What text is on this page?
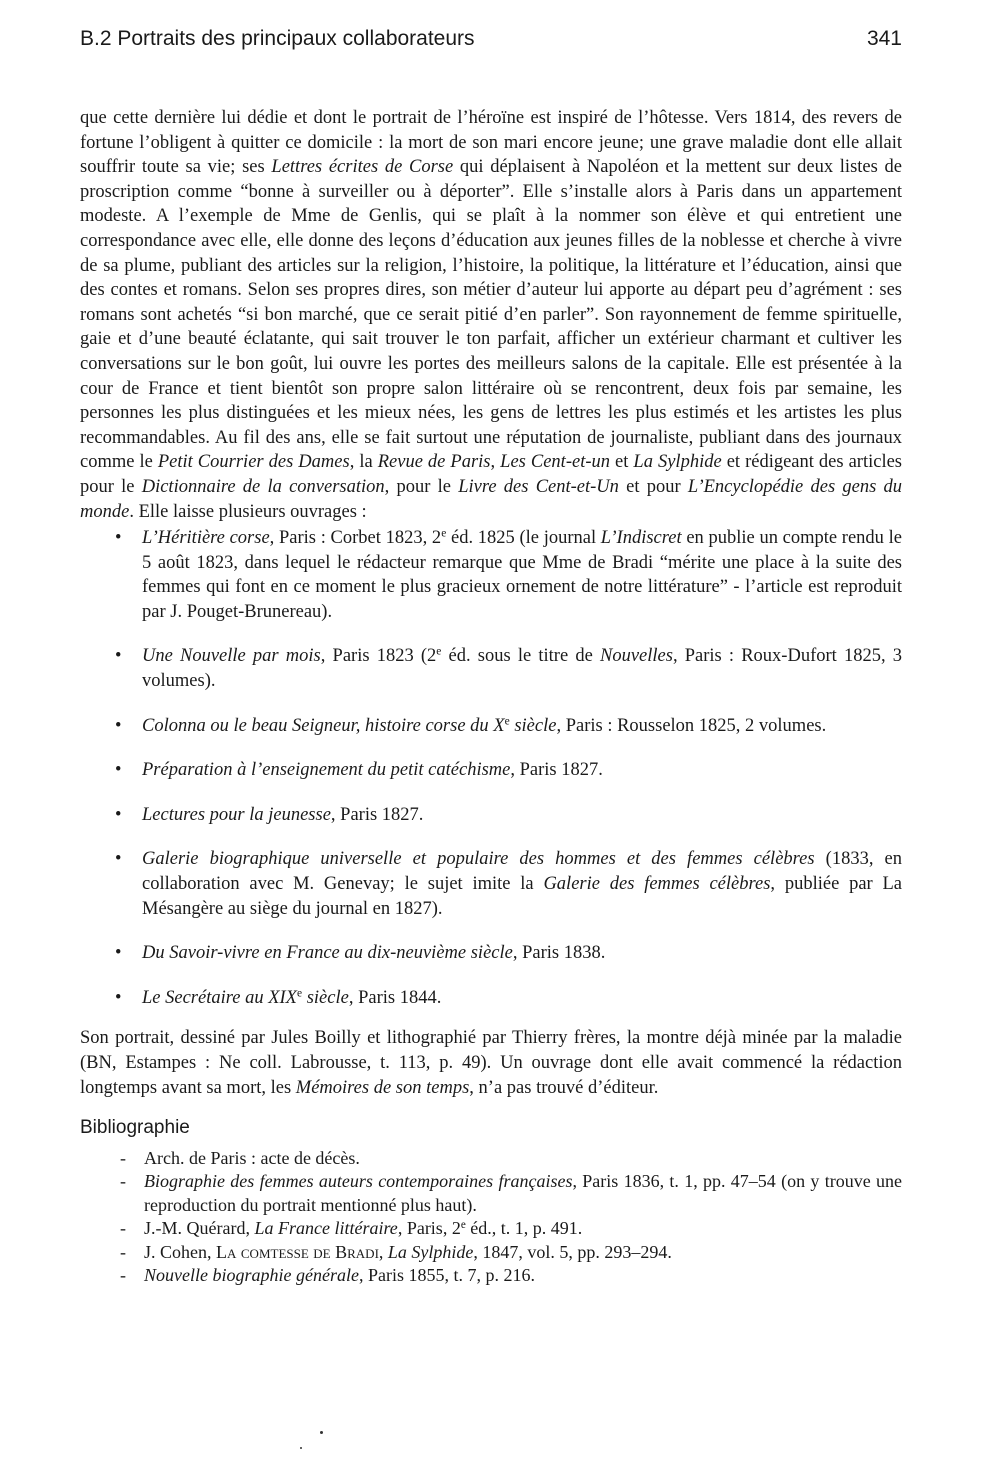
B.2 Portraits des principaux collaborateurs	341

que cette dernière lui dédie et dont le portrait de l’héroïne est inspiré de l’hôtesse. Vers 1814, des revers de fortune l’obligent à quitter ce domicile : la mort de son mari encore jeune; une grave maladie dont elle allait souffrir toute sa vie; ses Lettres écrites de Corse qui déplaisent à Napoléon et la mettent sur deux listes de proscription comme “bonne à surveiller ou à déporter”. Elle s’installe alors à Paris dans un appartement modeste. A l’exemple de Mme de Genlis, qui se plaît à la nommer son élève et qui entretient une correspondance avec elle, elle donne des leçons d’éducation aux jeunes filles de la noblesse et cherche à vivre de sa plume, publiant des articles sur la religion, l’histoire, la politique, la littérature et l’éducation, ainsi que des contes et romans. Selon ses propres dires, son métier d’auteur lui apporte au départ peu d’agrément : ses romans sont achetés “si bon marché, que ce serait pitié d’en parler”. Son rayonnement de femme spirituelle, gaie et d’une beauté éclatante, qui sait trouver le ton parfait, afficher un extérieur charmant et cultiver les conversations sur le bon goût, lui ouvre les portes des meilleurs salons de la capitale. Elle est présentée à la cour de France et tient bientôt son propre salon littéraire où se rencontrent, deux fois par semaine, les personnes les plus distinguées et les mieux nées, les gens de lettres les plus estimés et les artistes les plus recommandables. Au fil des ans, elle se fait surtout une réputation de journaliste, publiant dans des journaux comme le Petit Courrier des Dames, la Revue de Paris, Les Cent-et-un et La Sylphide et rédigeant des articles pour le Dictionnaire de la conversation, pour le Livre des Cent-et-Un et pour L’Encyclopédie des gens du monde. Elle laisse plusieurs ouvrages :

• L’Héritière corse, Paris : Corbet 1823, 2e éd. 1825 (le journal L’Indiscret en publie un compte rendu le 5 août 1823, dans lequel le rédacteur remarque que Mme de Bradi “mérite une place à la suite des femmes qui font en ce moment le plus gracieux ornement de notre littérature” - l’article est reproduit par J. Pouget-Brunereau).
• Une Nouvelle par mois, Paris 1823 (2e éd. sous le titre de Nouvelles, Paris : Roux-Dufort 1825, 3 volumes).
• Colonna ou le beau Seigneur, histoire corse du Xe siècle, Paris : Rousselon 1825, 2 volumes.
• Préparation à l’enseignement du petit catéchisme, Paris 1827.
• Lectures pour la jeunesse, Paris 1827.
• Galerie biographique universelle et populaire des hommes et des femmes célèbres (1833, en collaboration avec M. Genevay; le sujet imite la Galerie des femmes célèbres, publiée par La Mésangère au siège du journal en 1827).
• Du Savoir-vivre en France au dix-neuvième siècle, Paris 1838.
• Le Secrétaire au XIXe siècle, Paris 1844.

Son portrait, dessiné par Jules Boilly et lithographié par Thierry frères, la montre déjà minée par la maladie (BN, Estampes : Ne coll. Labrousse, t. 113, p. 49). Un ouvrage dont elle avait commencé la rédaction longtemps avant sa mort, les Mémoires de son temps, n’a pas trouvé d’éditeur.

Bibliographie
- Arch. de Paris : acte de décès.
- Biographie des femmes auteurs contemporaines françaises, Paris 1836, t. 1, pp. 47–54 (on y trouve une reproduction du portrait mentionné plus haut).
- J.-M. Quérard, La France littéraire, Paris, 2e éd., t. 1, p. 491.
- J. Cohen, La comtesse de Bradi, La Sylphide, 1847, vol. 5, pp. 293–294.
- Nouvelle biographie générale, Paris 1855, t. 7, p. 216.
